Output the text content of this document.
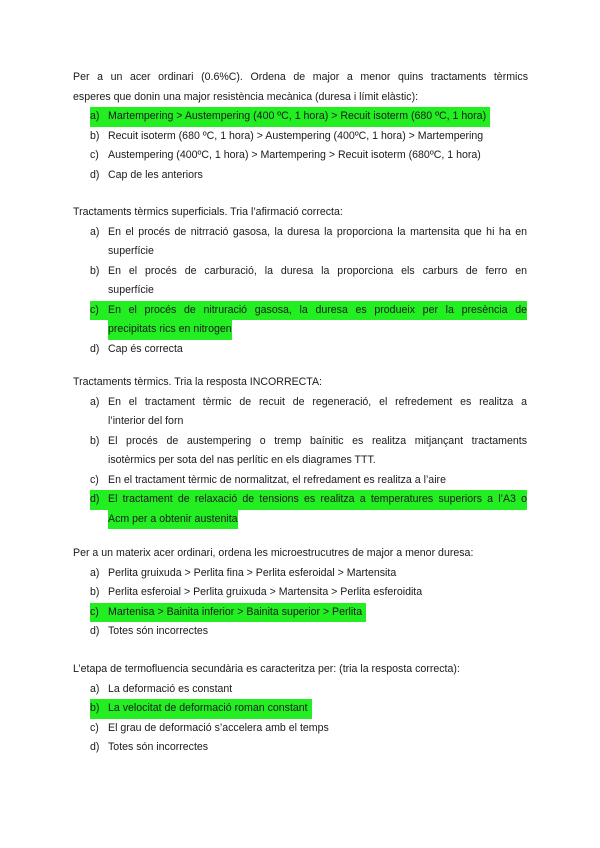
Per a un acer ordinari (0.6%C). Ordena de major a menor quins tractaments tèrmics
esperes que donin una major resistència mecànica (duresa i límit elàstic):
a) Martempering > Austempering (400 ºC, 1 hora) > Recuit isoterm (680 ºC, 1 hora)
b) Recuit isoterm (680 ºC, 1 hora) > Austempering (400ºC, 1 hora) > Martempering
c) Austempering (400ºC, 1 hora) > Martempering > Recuit isoterm (680ºC, 1 hora)
d) Cap de les anteriors
Tractaments tèrmics superficials. Tria l’afirmació correcta:
a) En el procés de nitrració gasosa, la duresa la proporciona la martensita que hi ha en
superfície
b) En el procés de carburació, la duresa la proporciona els carburs de ferro en
superfície
c) En el procés de nitruració gasosa, la duresa es produeix per la presència de
precipitats rics en nitrogen
d) Cap és correcta
Tractaments tèrmics. Tria la resposta INCORRECTA:
a) En el tractament tèrmic de recuit de regeneració, el refredement es realitza a
l’interior del forn
b) El procés de austempering o tremp baínitic es realitza mitjançant tractaments
isotèrmics per sota del nas perlític en els diagrames TTT.
c) En el tractament tèrmic de normalitzat, el refredament es realitza a l’aire
d) El tractament de relaxació de tensions es realitza a temperatures superiors a l’A3 o
Acm per a obtenir austenita
Per a un materix acer ordinari, ordena les microestrucutres de major a menor duresa:
a) Perlita gruixuda > Perlita fina > Perlita esferoidal > Martensita
b) Perlita esferoial > Perlita gruixuda > Martensita > Perlita esferoidita
c) Martenisa > Bainita inferior > Bainita superior > Perlita
d) Totes són incorrectes
L’etapa de termofluencia secundària es caracteritza per: (tria la resposta correcta):
a) La deformació es constant
b) La velocitat de deformació roman constant
c) El grau de deformació s’accelera amb el temps
d) Totes són incorrectes
